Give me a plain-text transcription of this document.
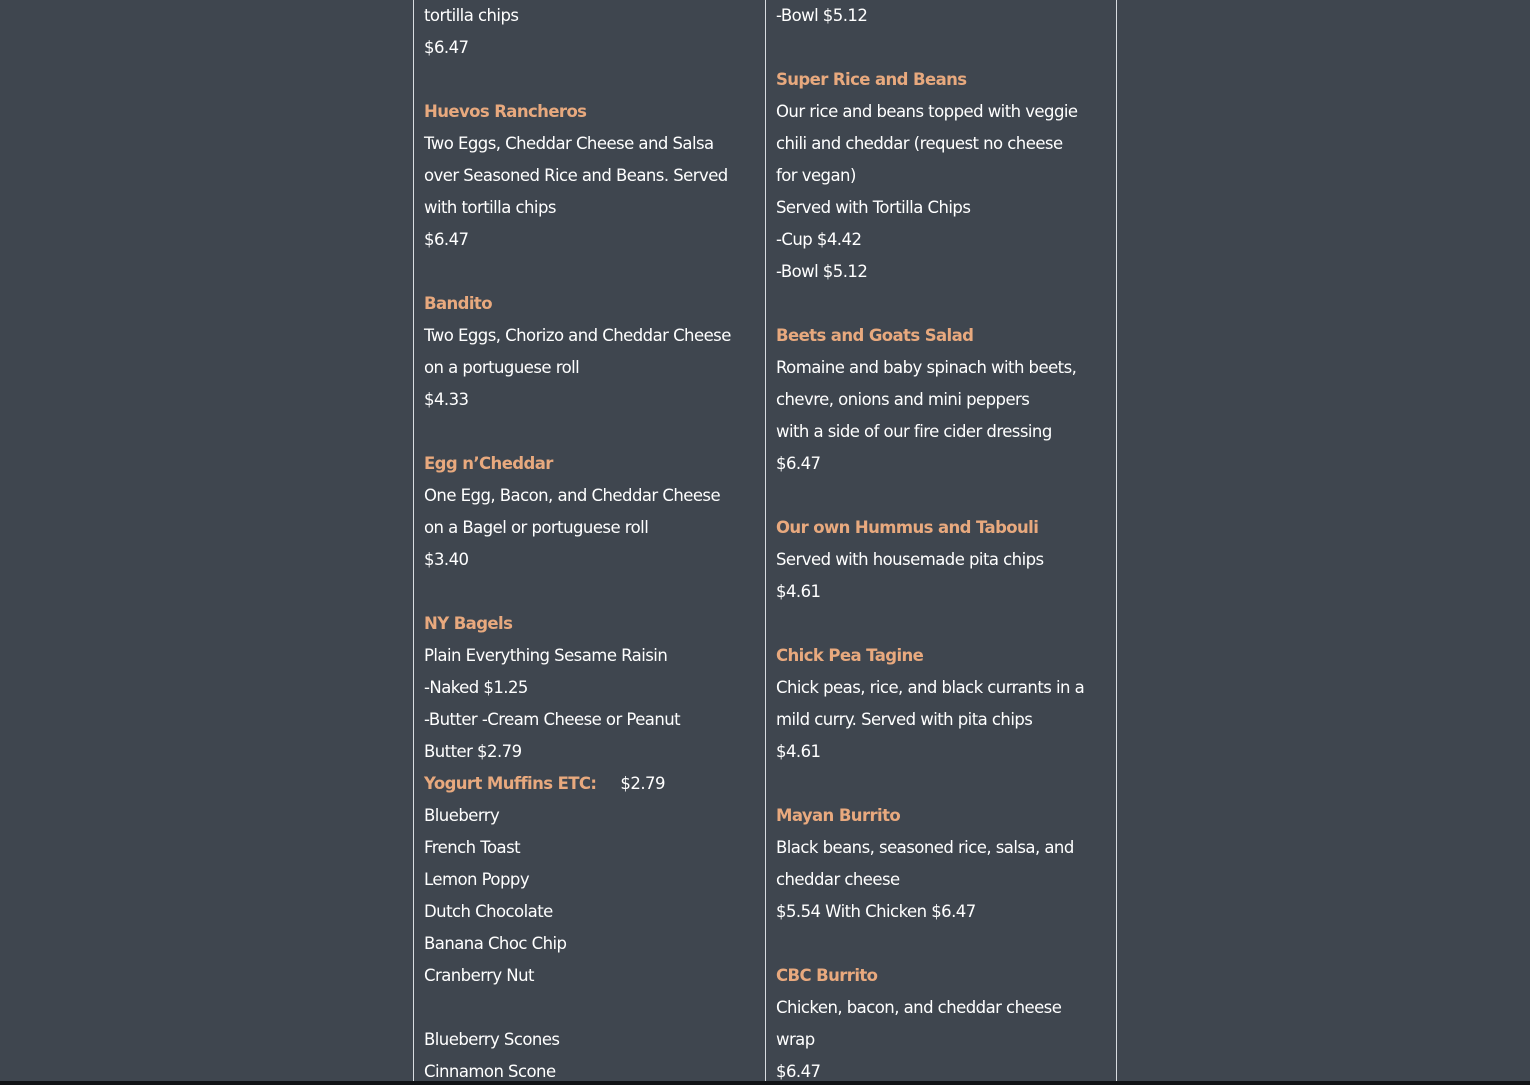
tortilla chips
$6.47
Huevos Rancheros
Two Eggs, Cheddar Cheese and Salsa
over Seasoned Rice and Beans. Served
with tortilla chips
$6.47
Bandito
Two Eggs, Chorizo and Cheddar Cheese
on a portuguese roll
$4.33
Egg n’Cheddar
One Egg, Bacon, and Cheddar Cheese
on a Bagel or portuguese roll
$3.40
NY Bagels
Plain Everything Sesame Raisin
-Naked $1.25
-Butter -Cream Cheese or Peanut
Butter $2.79
Yogurt Muffins ETC: $2.79
Blueberry
French Toast
Lemon Poppy
Dutch Chocolate
Banana Choc Chip
Cranberry Nut
Blueberry Scones
Cinnamon Scone
-Bowl $5.12
Super Rice and Beans
Our rice and beans topped with veggie
chili and cheddar (request no cheese
for vegan)
Served with Tortilla Chips
-Cup $4.42
-Bowl $5.12
Beets and Goats Salad
Romaine and baby spinach with beets,
chevre, onions and mini peppers
with a side of our fire cider dressing
$6.47
Our own Hummus and Tabouli
Served with housemade pita chips
$4.61
Chick Pea Tagine
Chick peas, rice, and black currants in a
mild curry. Served with pita chips
$4.61
Mayan Burrito
Black beans, seasoned rice, salsa, and
cheddar cheese
$5.54 With Chicken $6.47
CBC Burrito
Chicken, bacon, and cheddar cheese
wrap
$6.47
